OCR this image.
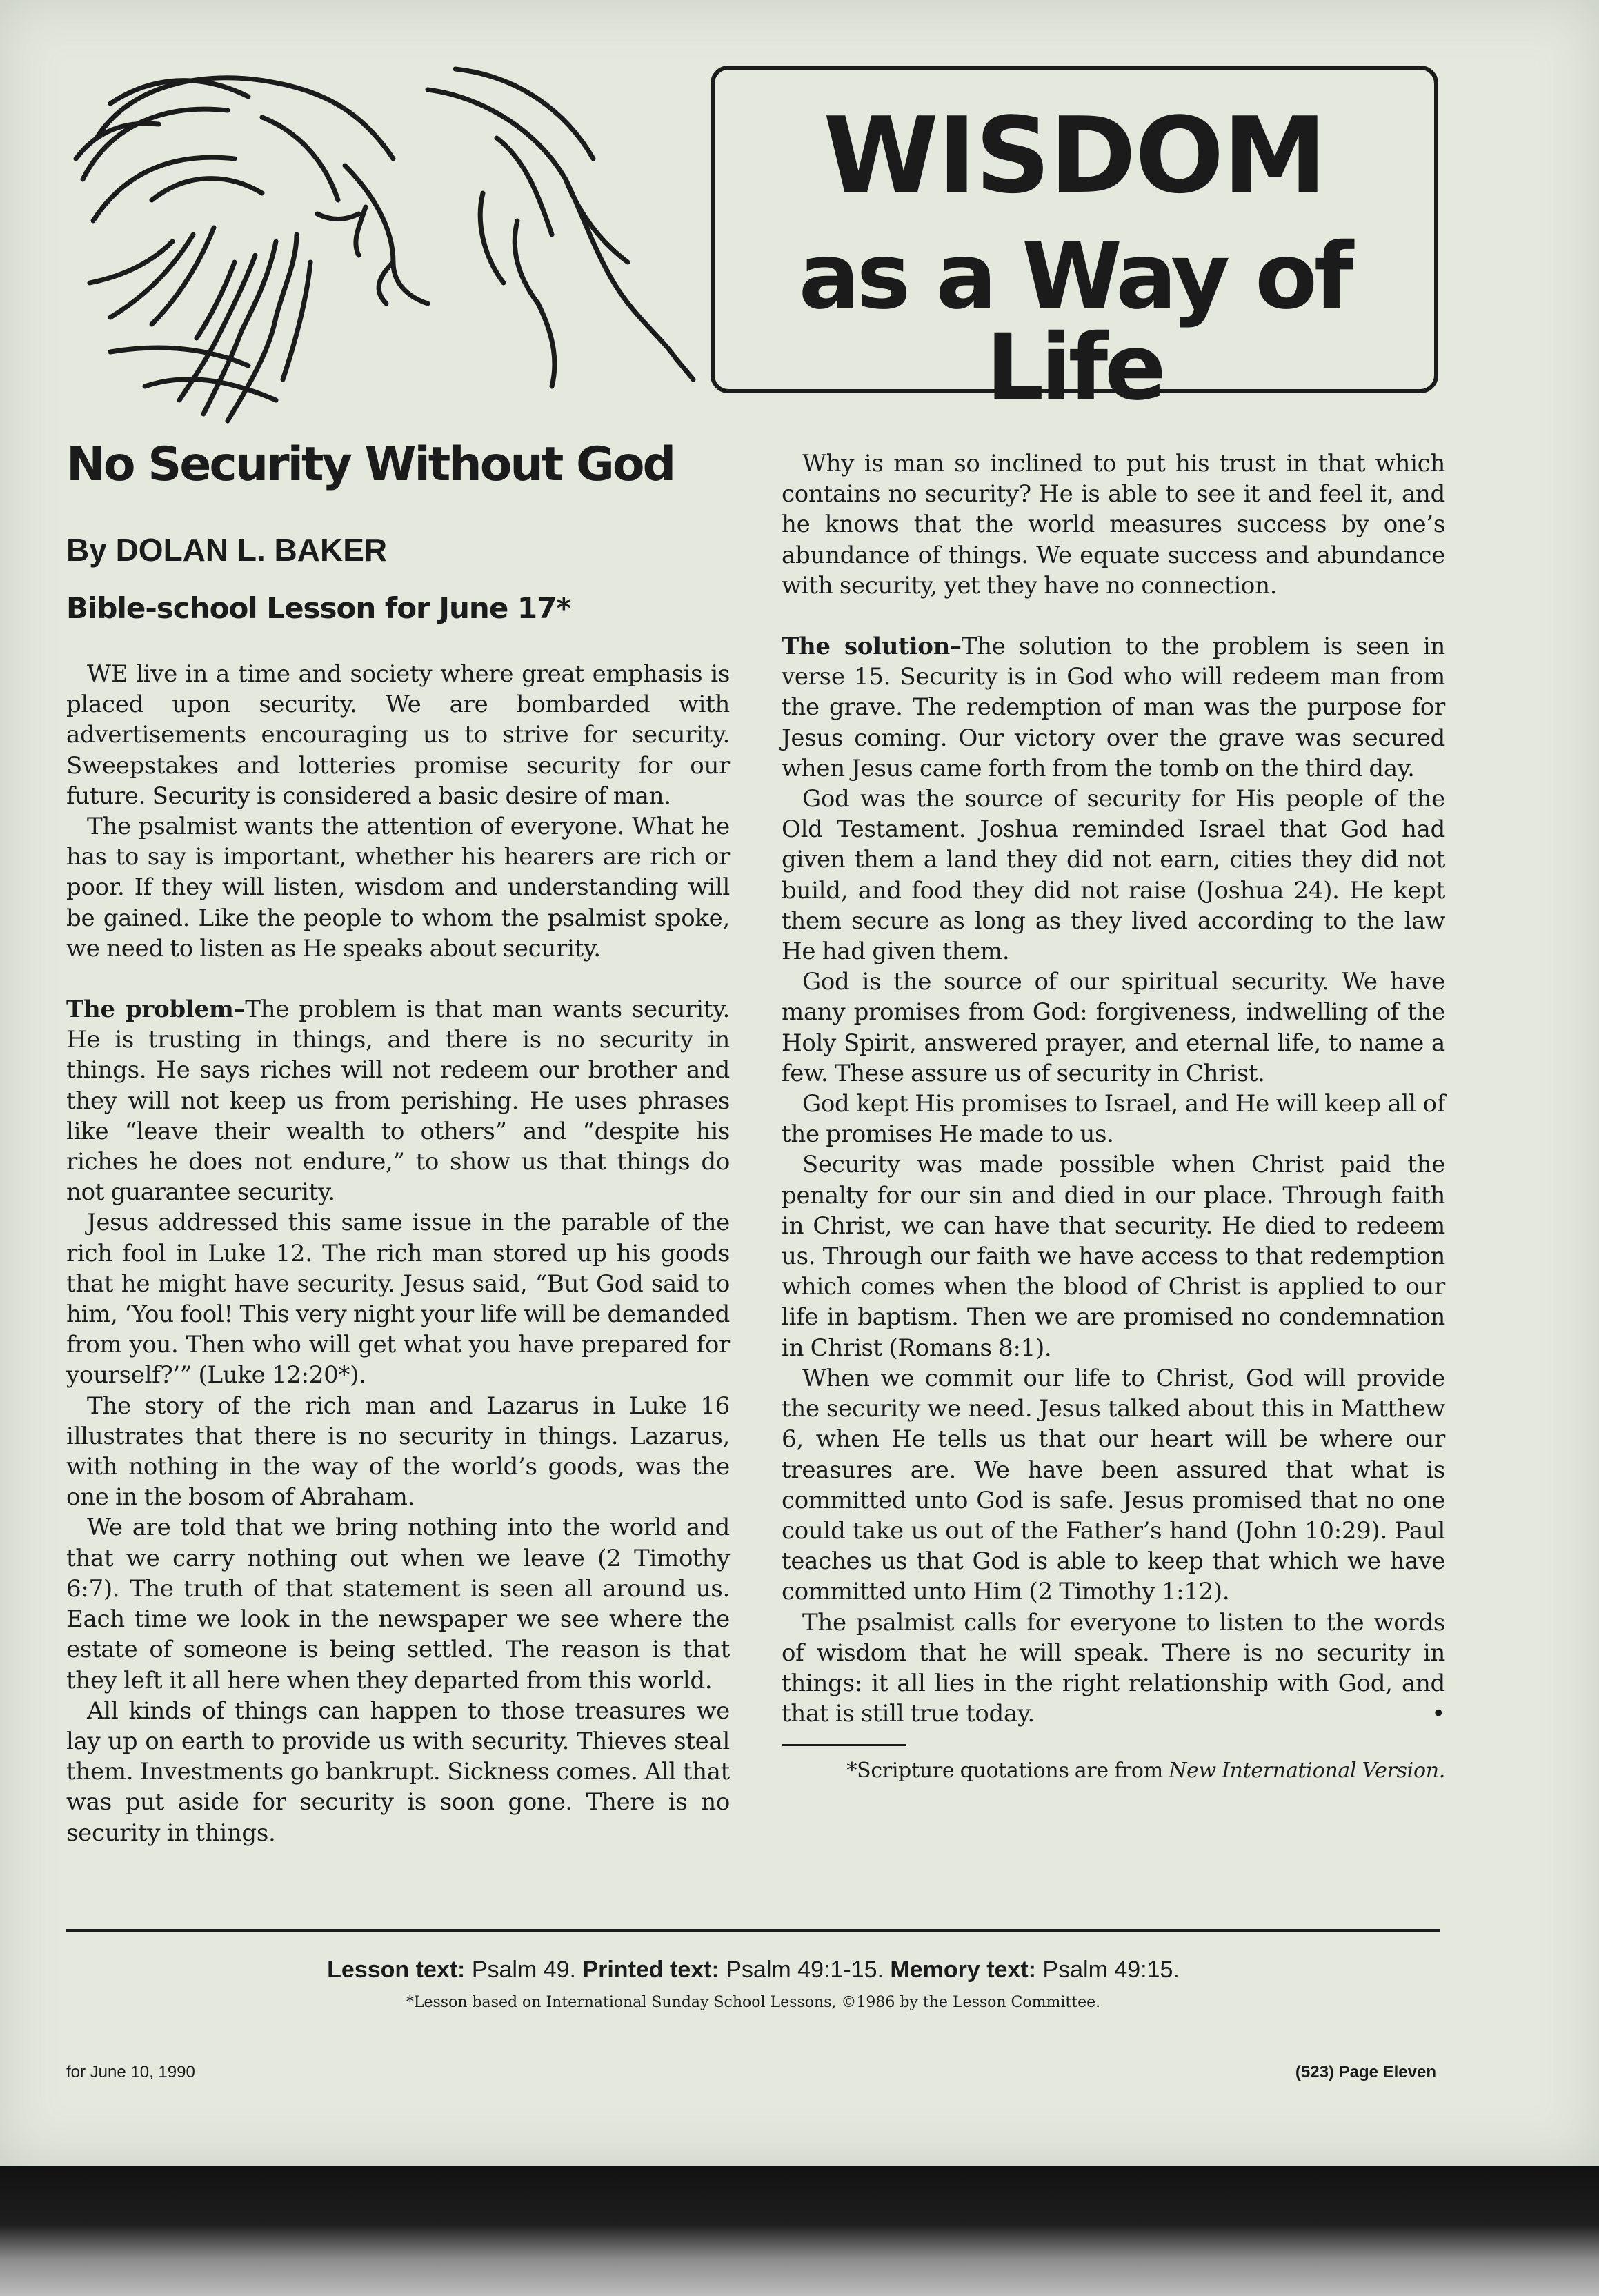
WISDOM
as a Way of Life
No Security Without God
By DOLAN L. BAKER
Bible-school Lesson for June 17*

WE live in a time and society where great emphasis is placed upon security. We are bombarded with advertisements encouraging us to strive for security. Sweepstakes and lotteries promise security for our future. Security is considered a basic desire of man.

The psalmist wants the attention of everyone. What he has to say is important, whether his hearers are rich or poor. If they will listen, wisdom and understanding will be gained. Like the people to whom the psalmist spoke, we need to listen as He speaks about security.

The problem–The problem is that man wants security. He is trusting in things, and there is no security in things. He says riches will not redeem our brother and they will not keep us from perishing. He uses phrases like “leave their wealth to others” and “despite his riches he does not endure,” to show us that things do not guarantee security.

Jesus addressed this same issue in the parable of the rich fool in Luke 12. The rich man stored up his goods that he might have security. Jesus said, “But God said to him, ‘You fool! This very night your life will be demanded from you. Then who will get what you have prepared for yourself?’” (Luke 12:20*).

The story of the rich man and Lazarus in Luke 16 illustrates that there is no security in things. Lazarus, with nothing in the way of the world’s goods, was the one in the bosom of Abraham.

We are told that we bring nothing into the world and that we carry nothing out when we leave (2 Timothy 6:7). The truth of that statement is seen all around us. Each time we look in the newspaper we see where the estate of someone is being settled. The reason is that they left it all here when they departed from this world.

All kinds of things can happen to those treasures we lay up on earth to provide us with security. Thieves steal them. Investments go bankrupt. Sickness comes. All that was put aside for security is soon gone. There is no security in things.

Why is man so inclined to put his trust in that which contains no security? He is able to see it and feel it, and he knows that the world measures success by one’s abundance of things. We equate success and abundance with security, yet they have no connection.

The solution–The solution to the problem is seen in verse 15. Security is in God who will redeem man from the grave. The redemption of man was the purpose for Jesus coming. Our victory over the grave was secured when Jesus came forth from the tomb on the third day.

God was the source of security for His people of the Old Testament. Joshua reminded Israel that God had given them a land they did not earn, cities they did not build, and food they did not raise (Joshua 24). He kept them secure as long as they lived according to the law He had given them.

God is the source of our spiritual security. We have many promises from God: forgiveness, indwelling of the Holy Spirit, answered prayer, and eternal life, to name a few. These assure us of security in Christ.

God kept His promises to Israel, and He will keep all of the promises He made to us.

Security was made possible when Christ paid the penalty for our sin and died in our place. Through faith in Christ, we can have that security. He died to redeem us. Through our faith we have access to that redemption which comes when the blood of Christ is applied to our life in baptism. Then we are promised no condemnation in Christ (Romans 8:1).

When we commit our life to Christ, God will provide the security we need. Jesus talked about this in Matthew 6, when He tells us that our heart will be where our treasures are. We have been assured that what is committed unto God is safe. Jesus promised that no one could take us out of the Father’s hand (John 10:29). Paul teaches us that God is able to keep that which we have committed unto Him (2 Timothy 1:12).

The psalmist calls for everyone to listen to the words of wisdom that he will speak. There is no security in things: it all lies in the right relationship with God, and that is still true today.	•

*Scripture quotations are from New International Version.
Lesson text: Psalm 49. Printed text: Psalm 49:1-15. Memory text: Psalm 49:15.
*Lesson based on International Sunday School Lessons, ©1986 by the Lesson Committee.
for June 10, 1990	(523) Page Eleven
